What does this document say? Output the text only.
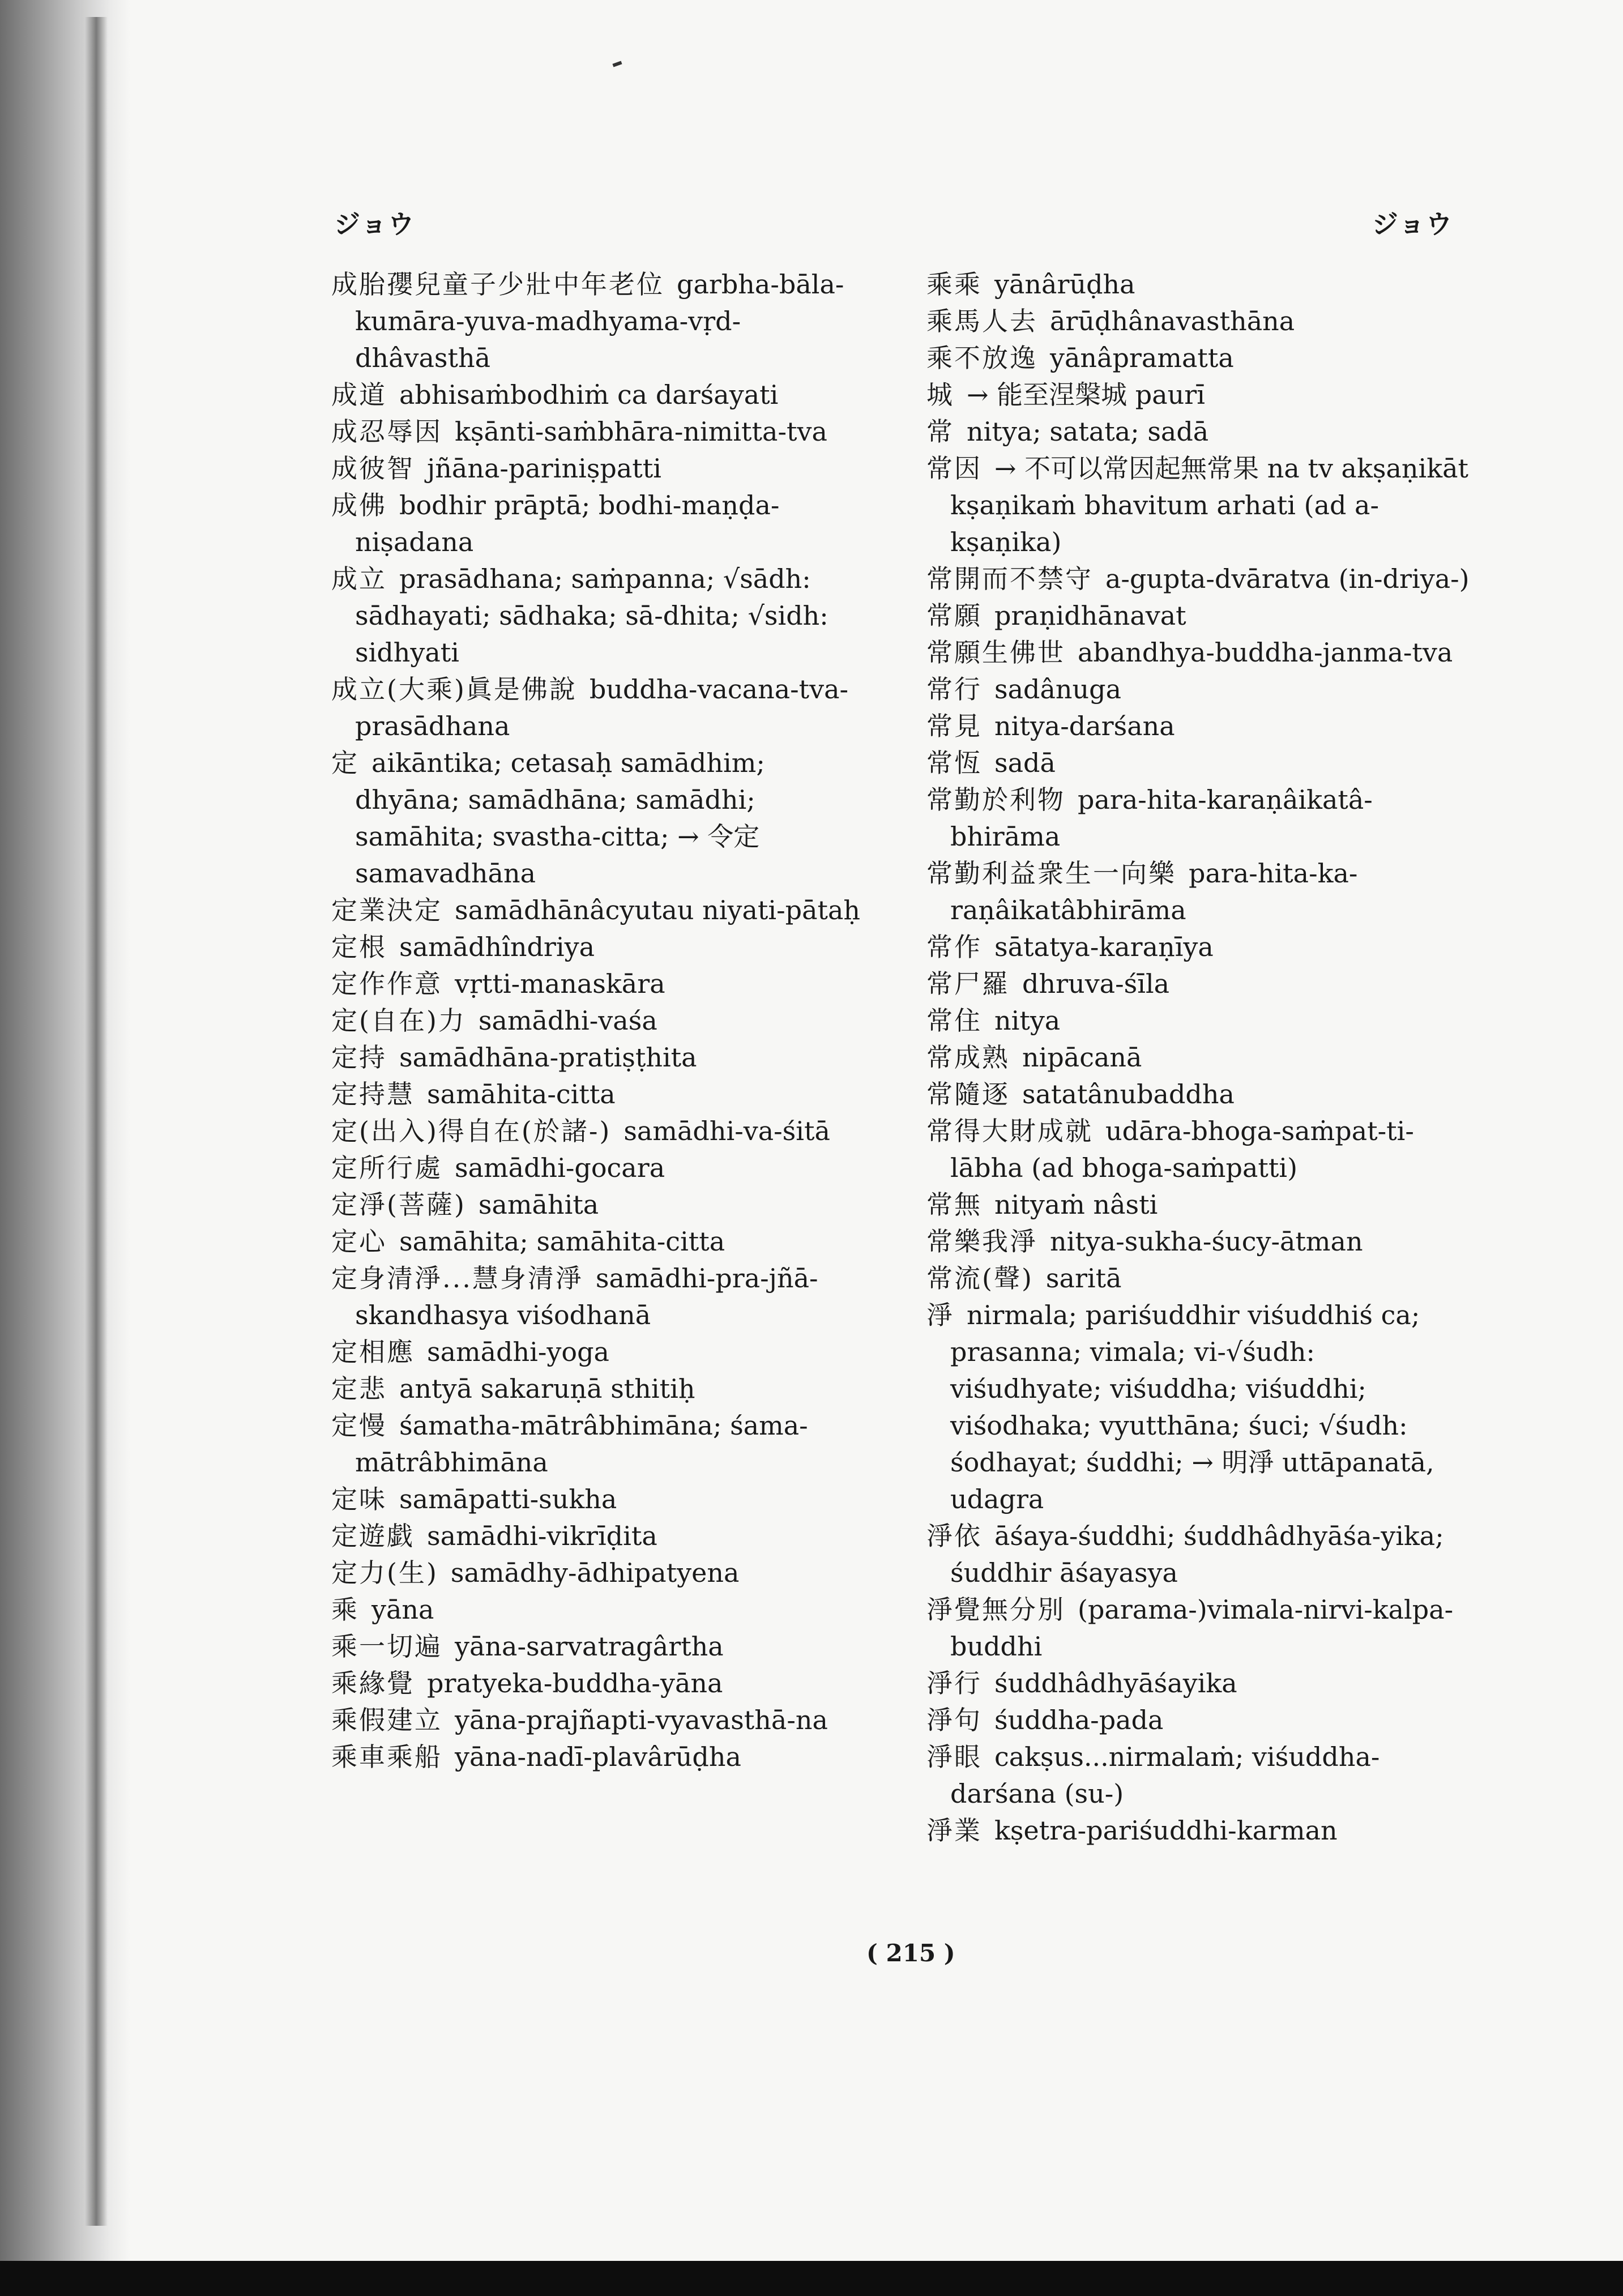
ジョウ	ジョウ

成胎孾兒童子少壯中年老位 garbha-bāla-kumāra-yuva-madhyama-vṛd-dhâvasthā

成道 abhisaṁbodhiṁ ca darśayati

成忍辱因 kṣānti-saṁbhāra-nimitta-tva

成彼智 jñāna-pariniṣpatti

成佛 bodhir prāptā; bodhi-maṇḍa-niṣadana

成立 prasādhana; saṁpanna; √sādh: sādhayati; sādhaka; sā-dhita; √sidh: sidhyati

成立(大乘)眞是佛說 buddha-vacana-tva-prasādhana

定 aikāntika; cetasaḥ samādhim; dhyāna; samādhāna; samādhi; samāhita; svastha-citta; → 令定 samavadhāna

定業決定 samādhānâcyutau niyati-pātaḥ

定根 samādhîndriya

定作作意 vṛtti-manaskāra

定(自在)力 samādhi-vaśa

定持 samādhāna-pratiṣṭhita

定持慧 samāhita-citta

定(出入)得自在(於諸-) samādhi-va-śitā

定所行處 samādhi-gocara

定淨(菩薩) samāhita

定心 samāhita; samāhita-citta

定身清淨...慧身清淨 samādhi-pra-jñā-skandhasya viśodhanā

定相應 samādhi-yoga

定悲 antyā sakaruṇā sthitiḥ

定慢 śamatha-mātrâbhimāna; śama-mātrâbhimāna

定味 samāpatti-sukha

定遊戯 samādhi-vikrīḍita

定力(生) samādhy-ādhipatyena

乘 yāna

乘一切遍 yāna-sarvatragârtha

乘緣覺 pratyeka-buddha-yāna

乘假建立 yāna-prajñapti-vyavasthā-na

乘車乘船 yāna-nadī-plavârūḍha

乘乘 yānârūḍha

乘馬人去 ārūḍhânavasthāna

乘不放逸 yānâpramatta

城 → 能至涅槃城 paurī

常 nitya; satata; sadā

常因 → 不可以常因起無常果 na tv akṣaṇikāt kṣaṇikaṁ bhavitum arhati (ad a-kṣaṇika)

常開而不禁守 a-gupta-dvāratva (in-driya-)

常願 praṇidhānavat

常願生佛世 abandhya-buddha-janma-tva

常行 sadânuga

常見 nitya-darśana

常恆 sadā

常勤於利物 para-hita-karaṇâikatâ-bhirāma

常勤利益衆生一向樂 para-hita-ka-raṇâikatâbhirāma

常作 sātatya-karaṇīya

常尸羅 dhruva-śīla

常住 nitya

常成熟 nipācanā

常隨逐 satatânubaddha

常得大財成就 udāra-bhoga-saṁpat-ti-lābha (ad bhoga-saṁpatti)

常無 nityaṁ nâsti

常樂我淨 nitya-sukha-śucy-ātman

常流(聲) saritā

淨 nirmala; pariśuddhir viśuddhiś ca; prasanna; vimala; vi-√śudh: viśudhyate; viśuddha; viśuddhi; viśodhaka; vyutthāna; śuci; √śudh: śodhayat; śuddhi; → 明淨 uttāpanatā, udagra

淨依 āśaya-śuddhi; śuddhâdhyāśa-yika; śuddhir āśayasya

淨覺無分別 (parama-)vimala-nirvi-kalpa-buddhi

淨行 śuddhâdhyāśayika

淨句 śuddha-pada

淨眼 cakṣus...nirmalaṁ; viśuddha-darśana (su-)

淨業 kṣetra-pariśuddhi-karman

( 215 )
